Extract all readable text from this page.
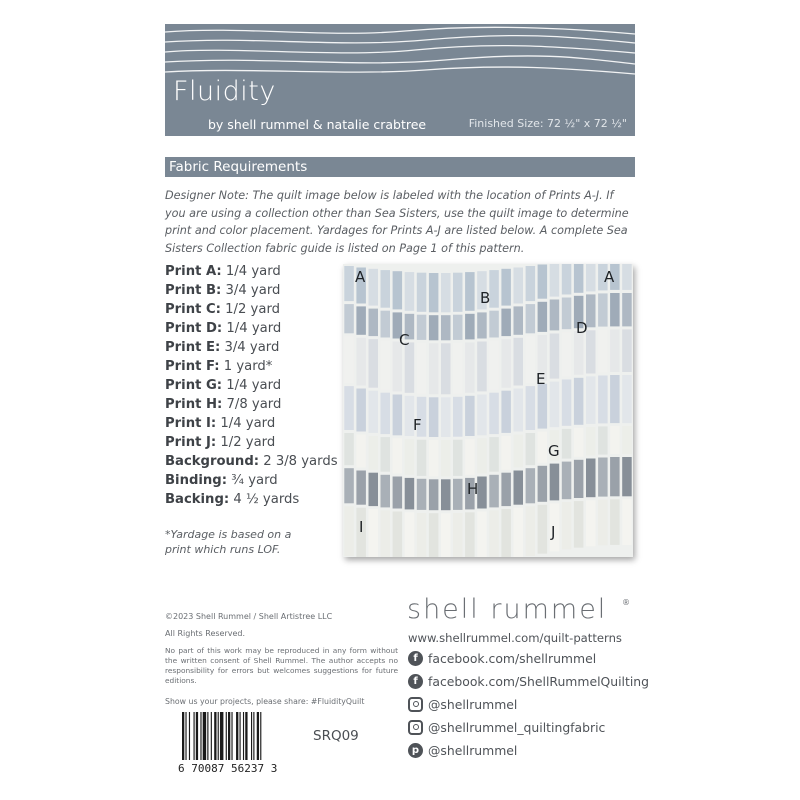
Fluidity
by shell rummel & natalie crabtree	Finished Size: 72 ½" x 72 ½"
Fabric Requirements
Designer Note: The quilt image below is labeled with the location of Prints A-J. If you are using a collection other than Sea Sisters, use the quilt image to determine print and color placement. Yardages for Prints A-J are listed below. A complete Sea Sisters Collection fabric guide is listed on Page 1 of this pattern.
Print A: 1/4 yard
Print B: 3/4 yard
Print C: 1/2 yard
Print D: 1/4 yard
Print E: 3/4 yard
Print F: 1 yard*
Print G: 1/4 yard
Print H: 7/8 yard
Print I: 1/4 yard
Print J: 1/2 yard
Background: 2 3/8 yards
Binding: ¾ yard
Backing: 4 ½ yards
*Yardage is based on a print which runs LOF.
A	A
B
C
D
E
F
G
H
I	J
©2023 Shell Rummel / Shell Artistree LLC
All Rights Reserved.
No part of this work may be reproduced in any form without the written consent of Shell Rummel. The author accepts no responsibility for errors but welcomes suggestions for future editions.
Show us your projects, please share: #FluidityQuilt
6 70087 56237 3
SRQ09
shell rummel ®
www.shellrummel.com/quilt-patterns
f facebook.com/shellrummel
f facebook.com/ShellRummelQuilting
@shellrummel
@shellrummel_quiltingfabric
p @shellrummel
